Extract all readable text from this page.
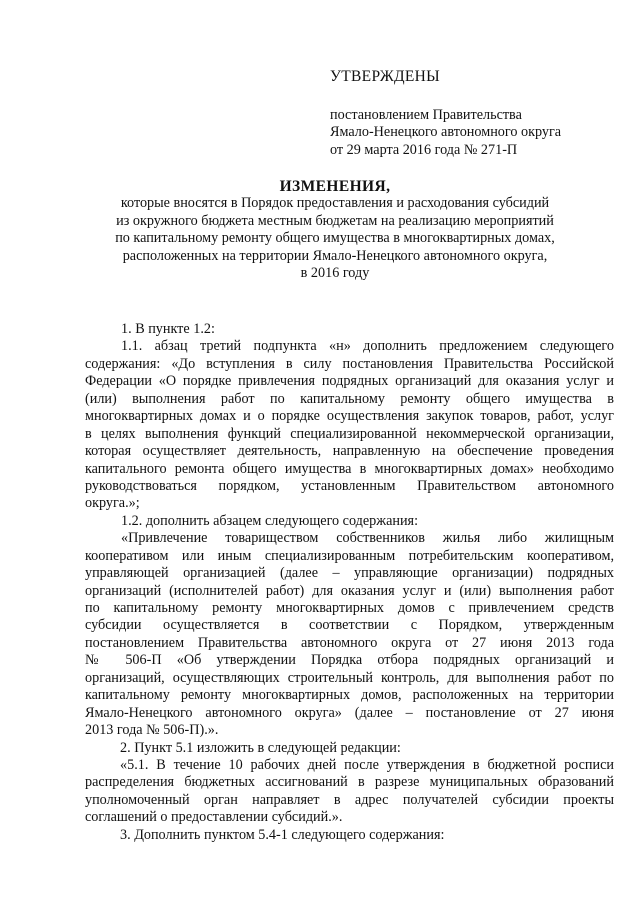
УТВЕРЖДЕНЫ
постановлением Правительства
Ямало-Ненецкого автономного округа
от 29 марта 2016 года № 271-П
ИЗМЕНЕНИЯ,
которые вносятся в Порядок предоставления и расходования субсидий
из окружного бюджета местным бюджетам на реализацию мероприятий
по капитальному ремонту общего имущества в многоквартирных домах,
расположенных на территории Ямало-Ненецкого автономного округа,
в 2016 году
1. В пункте 1.2:
1.1. абзац третий подпункта «н» дополнить предложением следующего
содержания: «До вступления в силу постановления Правительства Российской
Федерации «О порядке привлечения подрядных организаций для оказания услуг и
(или) выполнения работ по капитальному ремонту общего имущества в
многоквартирных домах и о порядке осуществления закупок товаров, работ, услуг
в целях выполнения функций специализированной некоммерческой организации,
которая осуществляет деятельность, направленную на обеспечение проведения
капитального ремонта общего имущества в многоквартирных домах» необходимо
руководствоваться порядком, установленным Правительством автономного
округа.»;
1.2. дополнить абзацем следующего содержания:
«Привлечение товариществом собственников жилья либо жилищным
кооперативом или иным специализированным потребительским кооперативом,
управляющей организацией (далее – управляющие организации) подрядных
организаций (исполнителей работ) для оказания услуг и (или) выполнения работ
по капитальному ремонту многоквартирных домов с привлечением средств
субсидии осуществляется в соответствии с Порядком, утвержденным
постановлением Правительства автономного округа от 27 июня 2013 года
№ 506-П «Об утверждении Порядка отбора подрядных организаций и
организаций, осуществляющих строительный контроль, для выполнения работ по
капитальному ремонту многоквартирных домов, расположенных на территории
Ямало-Ненецкого автономного округа» (далее – постановление от 27 июня
2013 года № 506-П).».
2. Пункт 5.1 изложить в следующей редакции:
«5.1. В течение 10 рабочих дней после утверждения в бюджетной росписи
распределения бюджетных ассигнований в разрезе муниципальных образований
уполномоченный орган направляет в адрес получателей субсидии проекты
соглашений о предоставлении субсидий.».
3. Дополнить пунктом 5.4-1 следующего содержания:
